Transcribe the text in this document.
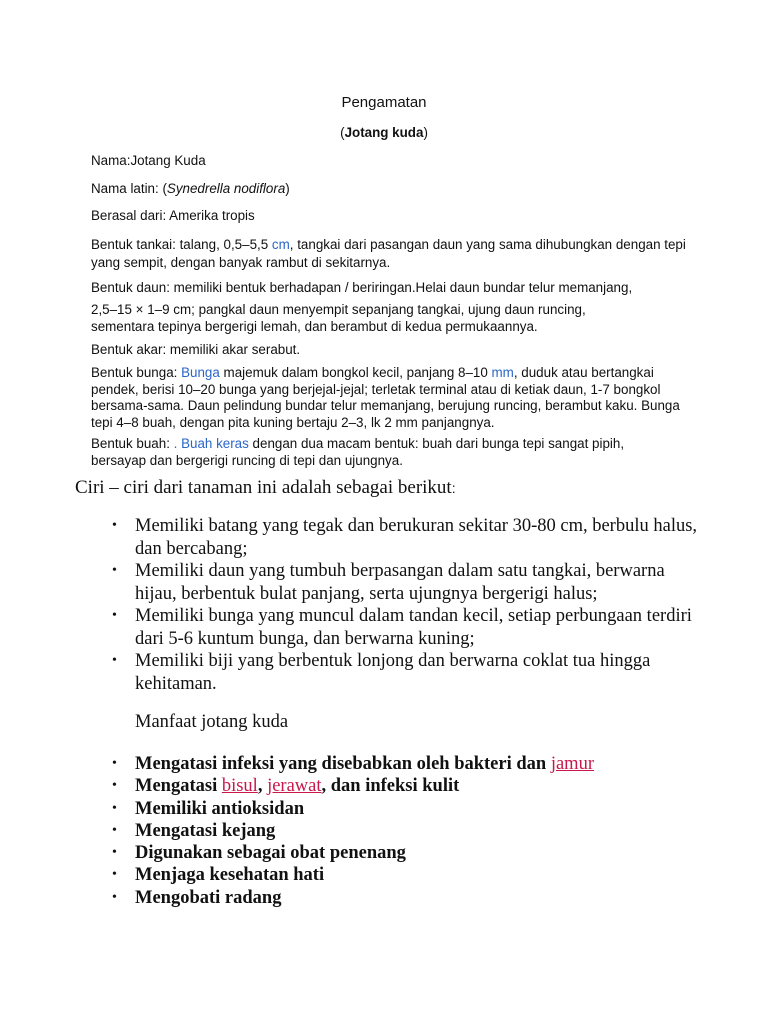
Pengamatan
(Jotang kuda)
Nama:Jotang Kuda
Nama latin: (Synedrella nodiflora)
Berasal dari: Amerika tropis
Bentuk tankai: talang, 0,5–5,5 cm, tangkai dari pasangan daun yang sama dihubungkan dengan tepi yang sempit, dengan banyak rambut di sekitarnya.
Bentuk daun: memiliki bentuk berhadapan / beriringan.Helai daun bundar telur memanjang,
2,5–15 × 1–9 cm; pangkal daun menyempit sepanjang tangkai, ujung daun runcing, sementara tepinya bergerigi lemah, dan berambut di kedua permukaannya.
Bentuk akar: memiliki akar serabut.
Bentuk bunga: Bunga majemuk dalam bongkol kecil, panjang 8–10 mm, duduk atau bertangkai pendek, berisi 10–20 bunga yang berjejal-jejal; terletak terminal atau di ketiak daun, 1-7 bongkol bersama-sama. Daun pelindung bundar telur memanjang, berujung runcing, berambut kaku. Bunga tepi 4–8 buah, dengan pita kuning bertaju 2–3, lk 2 mm panjangnya.
Bentuk buah: . Buah keras dengan dua macam bentuk: buah dari bunga tepi sangat pipih, bersayap dan bergerigi runcing di tepi dan ujungnya.
Ciri – ciri dari tanaman ini adalah sebagai berikut:
• Memiliki batang yang tegak dan berukuran sekitar 30-80 cm, berbulu halus, dan bercabang;
• Memiliki daun yang tumbuh berpasangan dalam satu tangkai, berwarna hijau, berbentuk bulat panjang, serta ujungnya bergerigi halus;
• Memiliki bunga yang muncul dalam tandan kecil, setiap perbungaan terdiri dari 5-6 kuntum bunga, dan berwarna kuning;
• Memiliki biji yang berbentuk lonjong dan berwarna coklat tua hingga kehitaman.
Manfaat jotang kuda
• Mengatasi infeksi yang disebabkan oleh bakteri dan jamur
• Mengatasi bisul, jerawat, dan infeksi kulit
• Memiliki antioksidan
• Mengatasi kejang
• Digunakan sebagai obat penenang
• Menjaga kesehatan hati
• Mengobati radang
